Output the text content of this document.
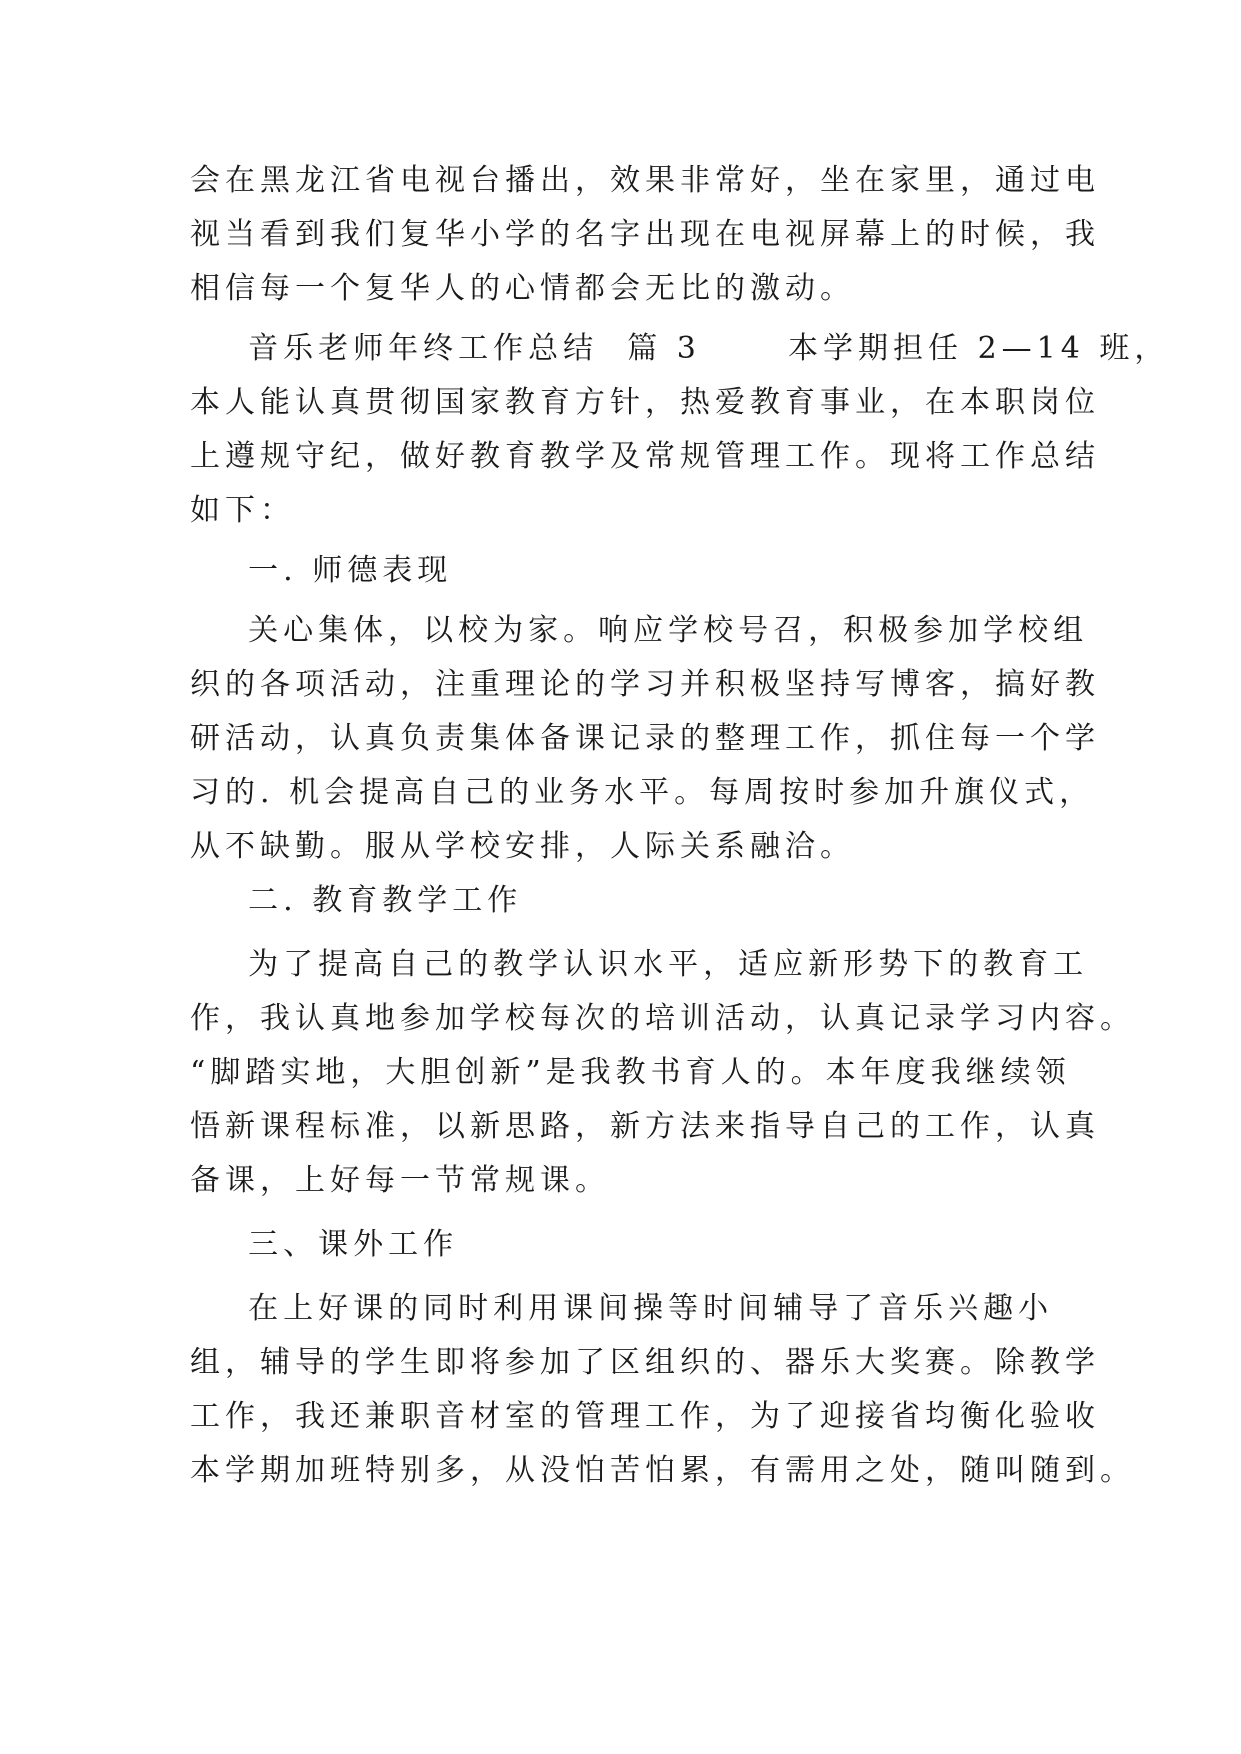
会在黑龙江省电视台播出，效果非常好，坐在家里，通过电
视当看到我们复华小学的名字出现在电视屏幕上的时候，我
相信每一个复华人的心情都会无比的激动。
音乐老师年终工作总结  篇 3      本学期担任 2—14 班，
本人能认真贯彻国家教育方针，热爱教育事业，在本职岗位
上遵规守纪，做好教育教学及常规管理工作。现将工作总结
如下：
一. 师德表现
关心集体，以校为家。响应学校号召，积极参加学校组
织的各项活动，注重理论的学习并积极坚持写博客，搞好教
研活动，认真负责集体备课记录的整理工作，抓住每一个学
习的. 机会提高自己的业务水平。每周按时参加升旗仪式，
从不缺勤。服从学校安排，人际关系融洽。
二. 教育教学工作
为了提高自己的教学认识水平，适应新形势下的教育工
作，我认真地参加学校每次的培训活动，认真记录学习内容。
“脚踏实地，大胆创新”是我教书育人的。本年度我继续领
悟新课程标准，以新思路，新方法来指导自己的工作，认真
备课，上好每一节常规课。
三、课外工作
在上好课的同时利用课间操等时间辅导了音乐兴趣小
组，辅导的学生即将参加了区组织的、器乐大奖赛。除教学
工作，我还兼职音材室的管理工作，为了迎接省均衡化验收
本学期加班特别多，从没怕苦怕累，有需用之处，随叫随到。
